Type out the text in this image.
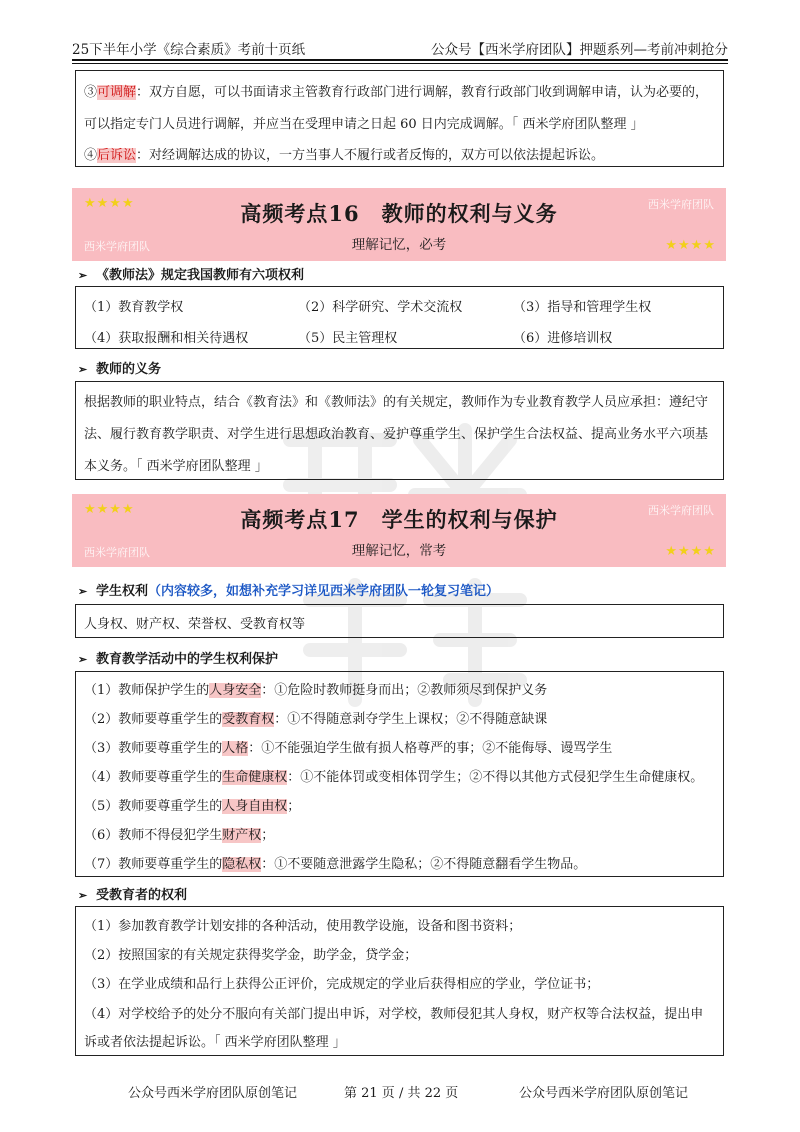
25下半年小学《综合素质》考前十页纸	公众号【西米学府团队】押题系列—考前冲刺抢分
③可调解：双方自愿，可以书面请求主管教育行政部门进行调解，教育行政部门收到调解申请，认为必要的，
可以指定专门人员进行调解，并应当在受理申请之日起 60 日内完成调解。「 西米学府团队整理 」
④后诉讼：对经调解达成的协议，一方当事人不履行或者反悔的，双方可以依法提起诉讼。
★★★★	西米学府团队
高频考点16　教师的权利与义务
理解记忆，必考
西米学府团队	★★★★
➢ 《教师法》规定我国教师有六项权利
（1）教育教学权	（2）科学研究、学术交流权	（3）指导和管理学生权
（4）获取报酬和相关待遇权	（5）民主管理权	（6）进修培训权
➢ 教师的义务
根据教师的职业特点，结合《教育法》和《教师法》的有关规定，教师作为专业教育教学人员应承担：遵纪守
法、履行教育教学职责、对学生进行思想政治教育、爱护尊重学生、保护学生合法权益、提高业务水平六项基
本义务。「 西米学府团队整理 」
★★★★	西米学府团队
高频考点17　学生的权利与保护
理解记忆，常考
西米学府团队	★★★★
➢ 学生权利（内容较多，如想补充学习详见西米学府团队一轮复习笔记）
人身权、财产权、荣誉权、受教育权等
➢ 教育教学活动中的学生权利保护
（1）教师保护学生的人身安全：①危险时教师挺身而出；②教师须尽到保护义务
（2）教师要尊重学生的受教育权：①不得随意剥夺学生上课权；②不得随意缺课
（3）教师要尊重学生的人格：①不能强迫学生做有损人格尊严的事；②不能侮辱、谩骂学生
（4）教师要尊重学生的生命健康权：①不能体罚或变相体罚学生；②不得以其他方式侵犯学生生命健康权。
（5）教师要尊重学生的人身自由权；
（6）教师不得侵犯学生财产权；
（7）教师要尊重学生的隐私权：①不要随意泄露学生隐私；②不得随意翻看学生物品。
➢ 受教育者的权利
（1）参加教育教学计划安排的各种活动，使用教学设施，设备和图书资料；
（2）按照国家的有关规定获得奖学金，助学金，贷学金；
（3）在学业成绩和品行上获得公正评价，完成规定的学业后获得相应的学业，学位证书；
（4）对学校给予的处分不服向有关部门提出申诉，对学校，教师侵犯其人身权，财产权等合法权益，提出申
诉或者依法提起诉讼。「 西米学府团队整理 」
公众号西米学府团队原创笔记	第 21 页 / 共 22 页	公众号西米学府团队原创笔记
